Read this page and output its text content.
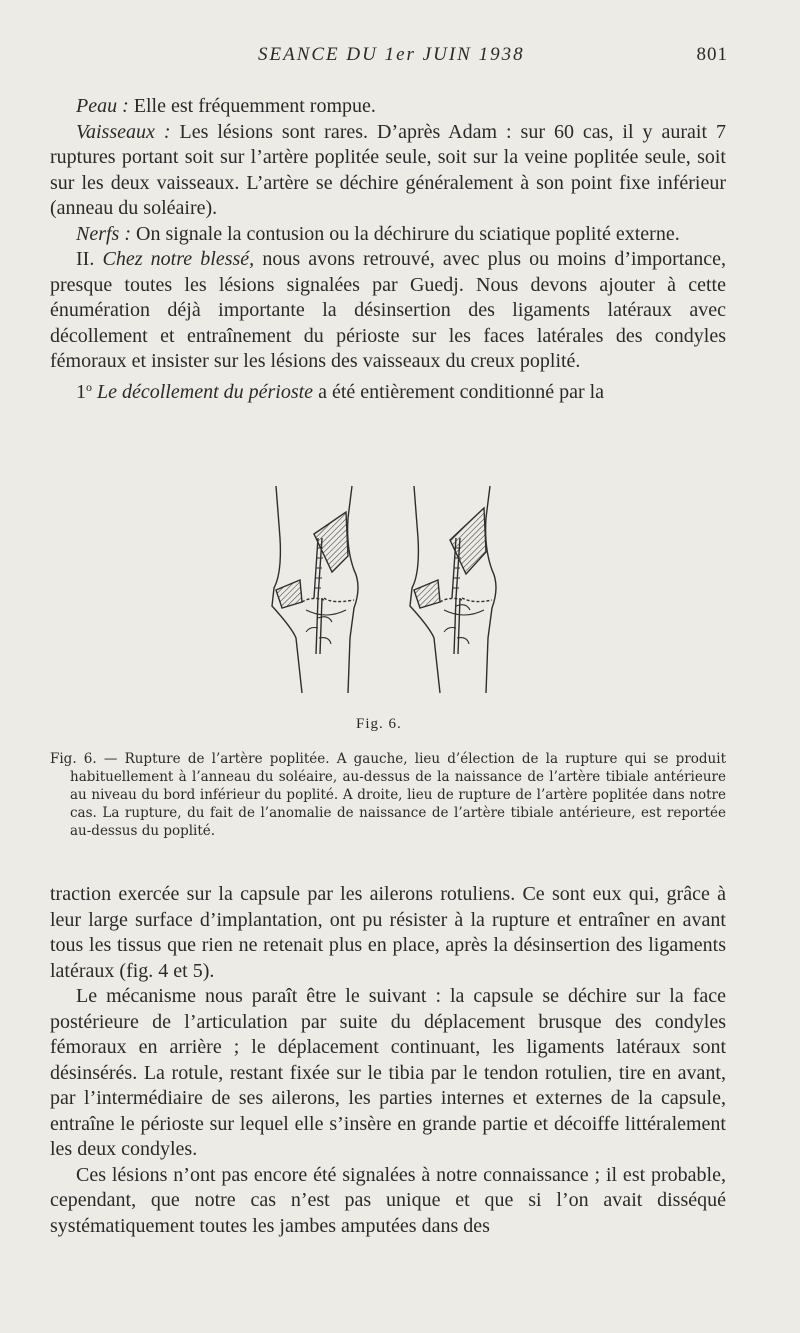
SEANCE DU 1er JUIN 1938	801

Peau : Elle est fréquemment rompue.

Vaisseaux : Les lésions sont rares. D’après Adam : sur 60 cas, il y aurait 7 ruptures portant soit sur l’artère poplitée seule, soit sur la veine poplitée seule, soit sur les deux vaisseaux. L’artère se déchire généralement à son point fixe inférieur (anneau du soléaire).

Nerfs : On signale la contusion ou la déchirure du sciatique poplité externe.

II. Chez notre blessé, nous avons retrouvé, avec plus ou moins d’importance, presque toutes les lésions signalées par Guedj. Nous devons ajouter à cette énumération déjà importante la désinsertion des ligaments latéraux avec décollement et entraînement du périoste sur les faces latérales des condyles fémoraux et insister sur les lésions des vaisseaux du creux poplité.

1$^o$ Le décollement du périoste a été entièrement conditionné par la

Fig. 6.

Fig. 6. — Rupture de l’artère poplitée. A gauche, lieu d’élection de la rupture qui se produit habituellement à l’anneau du soléaire, au-dessus de la naissance de l’artère tibiale antérieure au niveau du bord inférieur du poplité. A droite, lieu de rupture de l’artère poplitée dans notre cas. La rupture, du fait de l’anomalie de naissance de l’artère tibiale antérieure, est reportée au-dessus du poplité.

traction exercée sur la capsule par les ailerons rotuliens. Ce sont eux qui, grâce à leur large surface d’implantation, ont pu résister à la rupture et entraîner en avant tous les tissus que rien ne retenait plus en place, après la désinsertion des ligaments latéraux (fig. 4 et 5).

Le mécanisme nous paraît être le suivant : la capsule se déchire sur la face postérieure de l’articulation par suite du déplacement brusque des condyles fémoraux en arrière ; le déplacement continuant, les ligaments latéraux sont désinsérés. La rotule, restant fixée sur le tibia par le tendon rotulien, tire en avant, par l’intermédiaire de ses ailerons, les parties internes et externes de la capsule, entraîne le périoste sur lequel elle s’insère en grande partie et décoiffe littéralement les deux condyles.

Ces lésions n’ont pas encore été signalées à notre connaissance ; il est probable, cependant, que notre cas n’est pas unique et que si l’on avait disséqué systématiquement toutes les jambes amputées dans des
